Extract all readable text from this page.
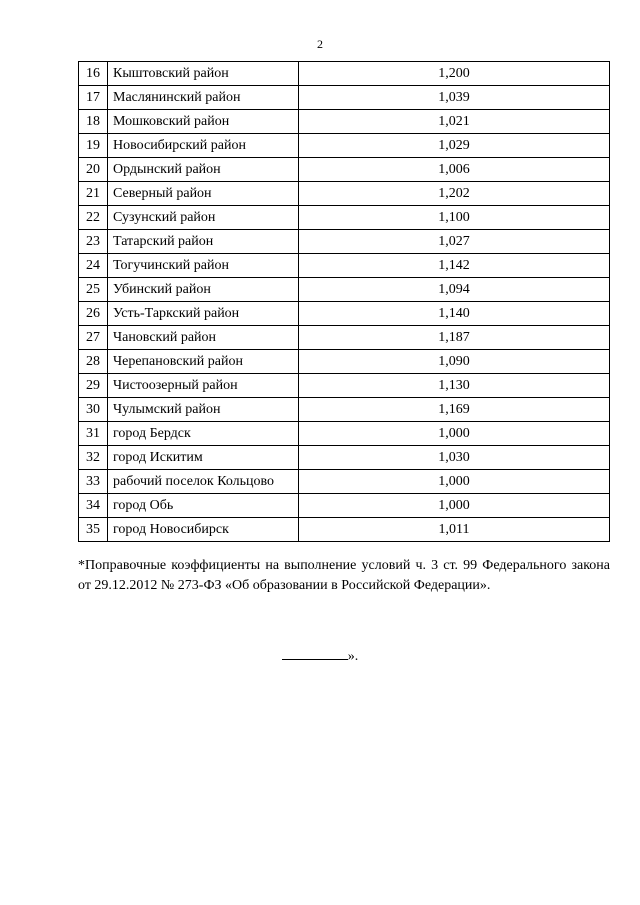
2
16	Кыштовский район	1,200
17	Маслянинский район	1,039
18	Мошковский район	1,021
19	Новосибирский район	1,029
20	Ордынский район	1,006
21	Северный район	1,202
22	Сузунский район	1,100
23	Татарский район	1,027
24	Тогучинский район	1,142
25	Убинский район	1,094
26	Усть-Таркский район	1,140
27	Чановский район	1,187
28	Черепановский район	1,090
29	Чистоозерный район	1,130
30	Чулымский район	1,169
31	город Бердск	1,000
32	город Искитим	1,030
33	рабочий поселок Кольцово	1,000
34	город Обь	1,000
35	город Новосибирск	1,011
*Поправочные коэффициенты на выполнение условий ч. 3 ст. 99 Федерального закона от 29.12.2012 № 273-ФЗ «Об образовании в Российской Федерации».
».
